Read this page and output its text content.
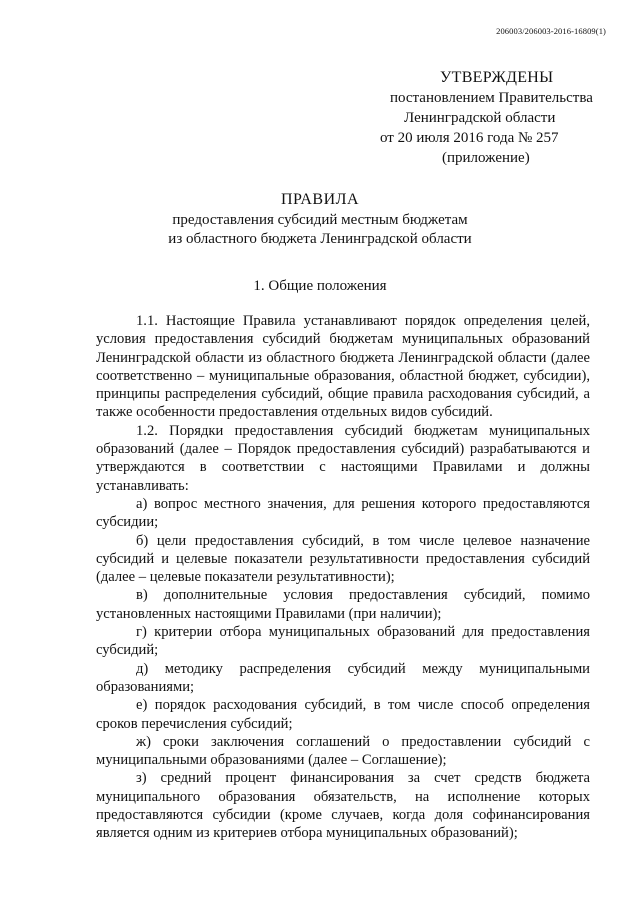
206003/206003-2016-16809(1)
УТВЕРЖДЕНЫ
постановлением Правительства
Ленинградской области
от 20 июля 2016 года № 257
(приложение)
ПРАВИЛА
предоставления субсидий местным бюджетам
из областного бюджета Ленинградской области
1. Общие положения

1.1. Настоящие Правила устанавливают порядок определения целей, условия предоставления субсидий бюджетам муниципальных образований Ленинградской области из областного бюджета Ленинградской области (далее соответственно – муниципальные образования, областной бюджет, субсидии), принципы распределения субсидий, общие правила расходования субсидий, а также особенности предоставления отдельных видов субсидий.

1.2. Порядки предоставления субсидий бюджетам муниципальных образований (далее – Порядок предоставления субсидий) разрабатываются и утверждаются в соответствии с настоящими Правилами и должны устанавливать:

а) вопрос местного значения, для решения которого предоставляются субсидии;

б) цели предоставления субсидий, в том числе целевое назначение субсидий и целевые показатели результативности предоставления субсидий (далее – целевые показатели результативности);

в) дополнительные условия предоставления субсидий, помимо установленных настоящими Правилами (при наличии);

г) критерии отбора муниципальных образований для предоставления субсидий;

д) методику распределения субсидий между муниципальными образованиями;

е) порядок расходования субсидий, в том числе способ определения сроков перечисления субсидий;

ж) сроки заключения соглашений о предоставлении субсидий с муниципальными образованиями (далее – Соглашение);

з) средний процент финансирования за счет средств бюджета муниципального образования обязательств, на исполнение которых предоставляются субсидии (кроме случаев, когда доля софинансирования является одним из критериев отбора муниципальных образований);
